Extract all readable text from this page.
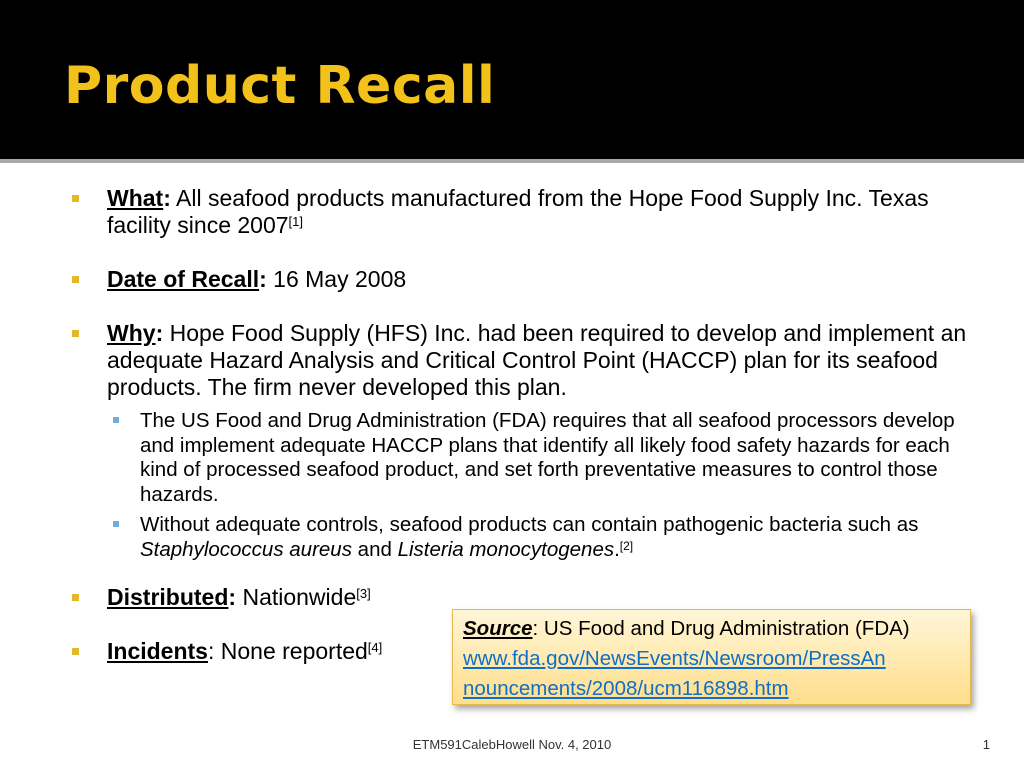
Product Recall
What: All seafood products manufactured from the Hope Food Supply Inc. Texas facility since 2007[1]
Date of Recall: 16 May 2008
Why: Hope Food Supply (HFS) Inc. had been required to develop and implement an adequate Hazard Analysis and Critical Control Point (HACCP) plan for its seafood products. The firm never developed this plan.
The US Food and Drug Administration (FDA) requires that all seafood processors develop and implement adequate HACCP plans that identify all likely food safety hazards for each kind of processed seafood product, and set forth preventative measures to control those hazards.
Without adequate controls, seafood products can contain pathogenic bacteria such as Staphylococcus aureus and Listeria monocytogenes.[2]
Distributed: Nationwide[3]
Incidents: None reported[4]
Source: US Food and Drug Administration (FDA)
www.fda.gov/NewsEvents/Newsroom/PressAn
nouncements/2008/ucm116898.htm
ETM591CalebHowell Nov. 4, 2010	1
